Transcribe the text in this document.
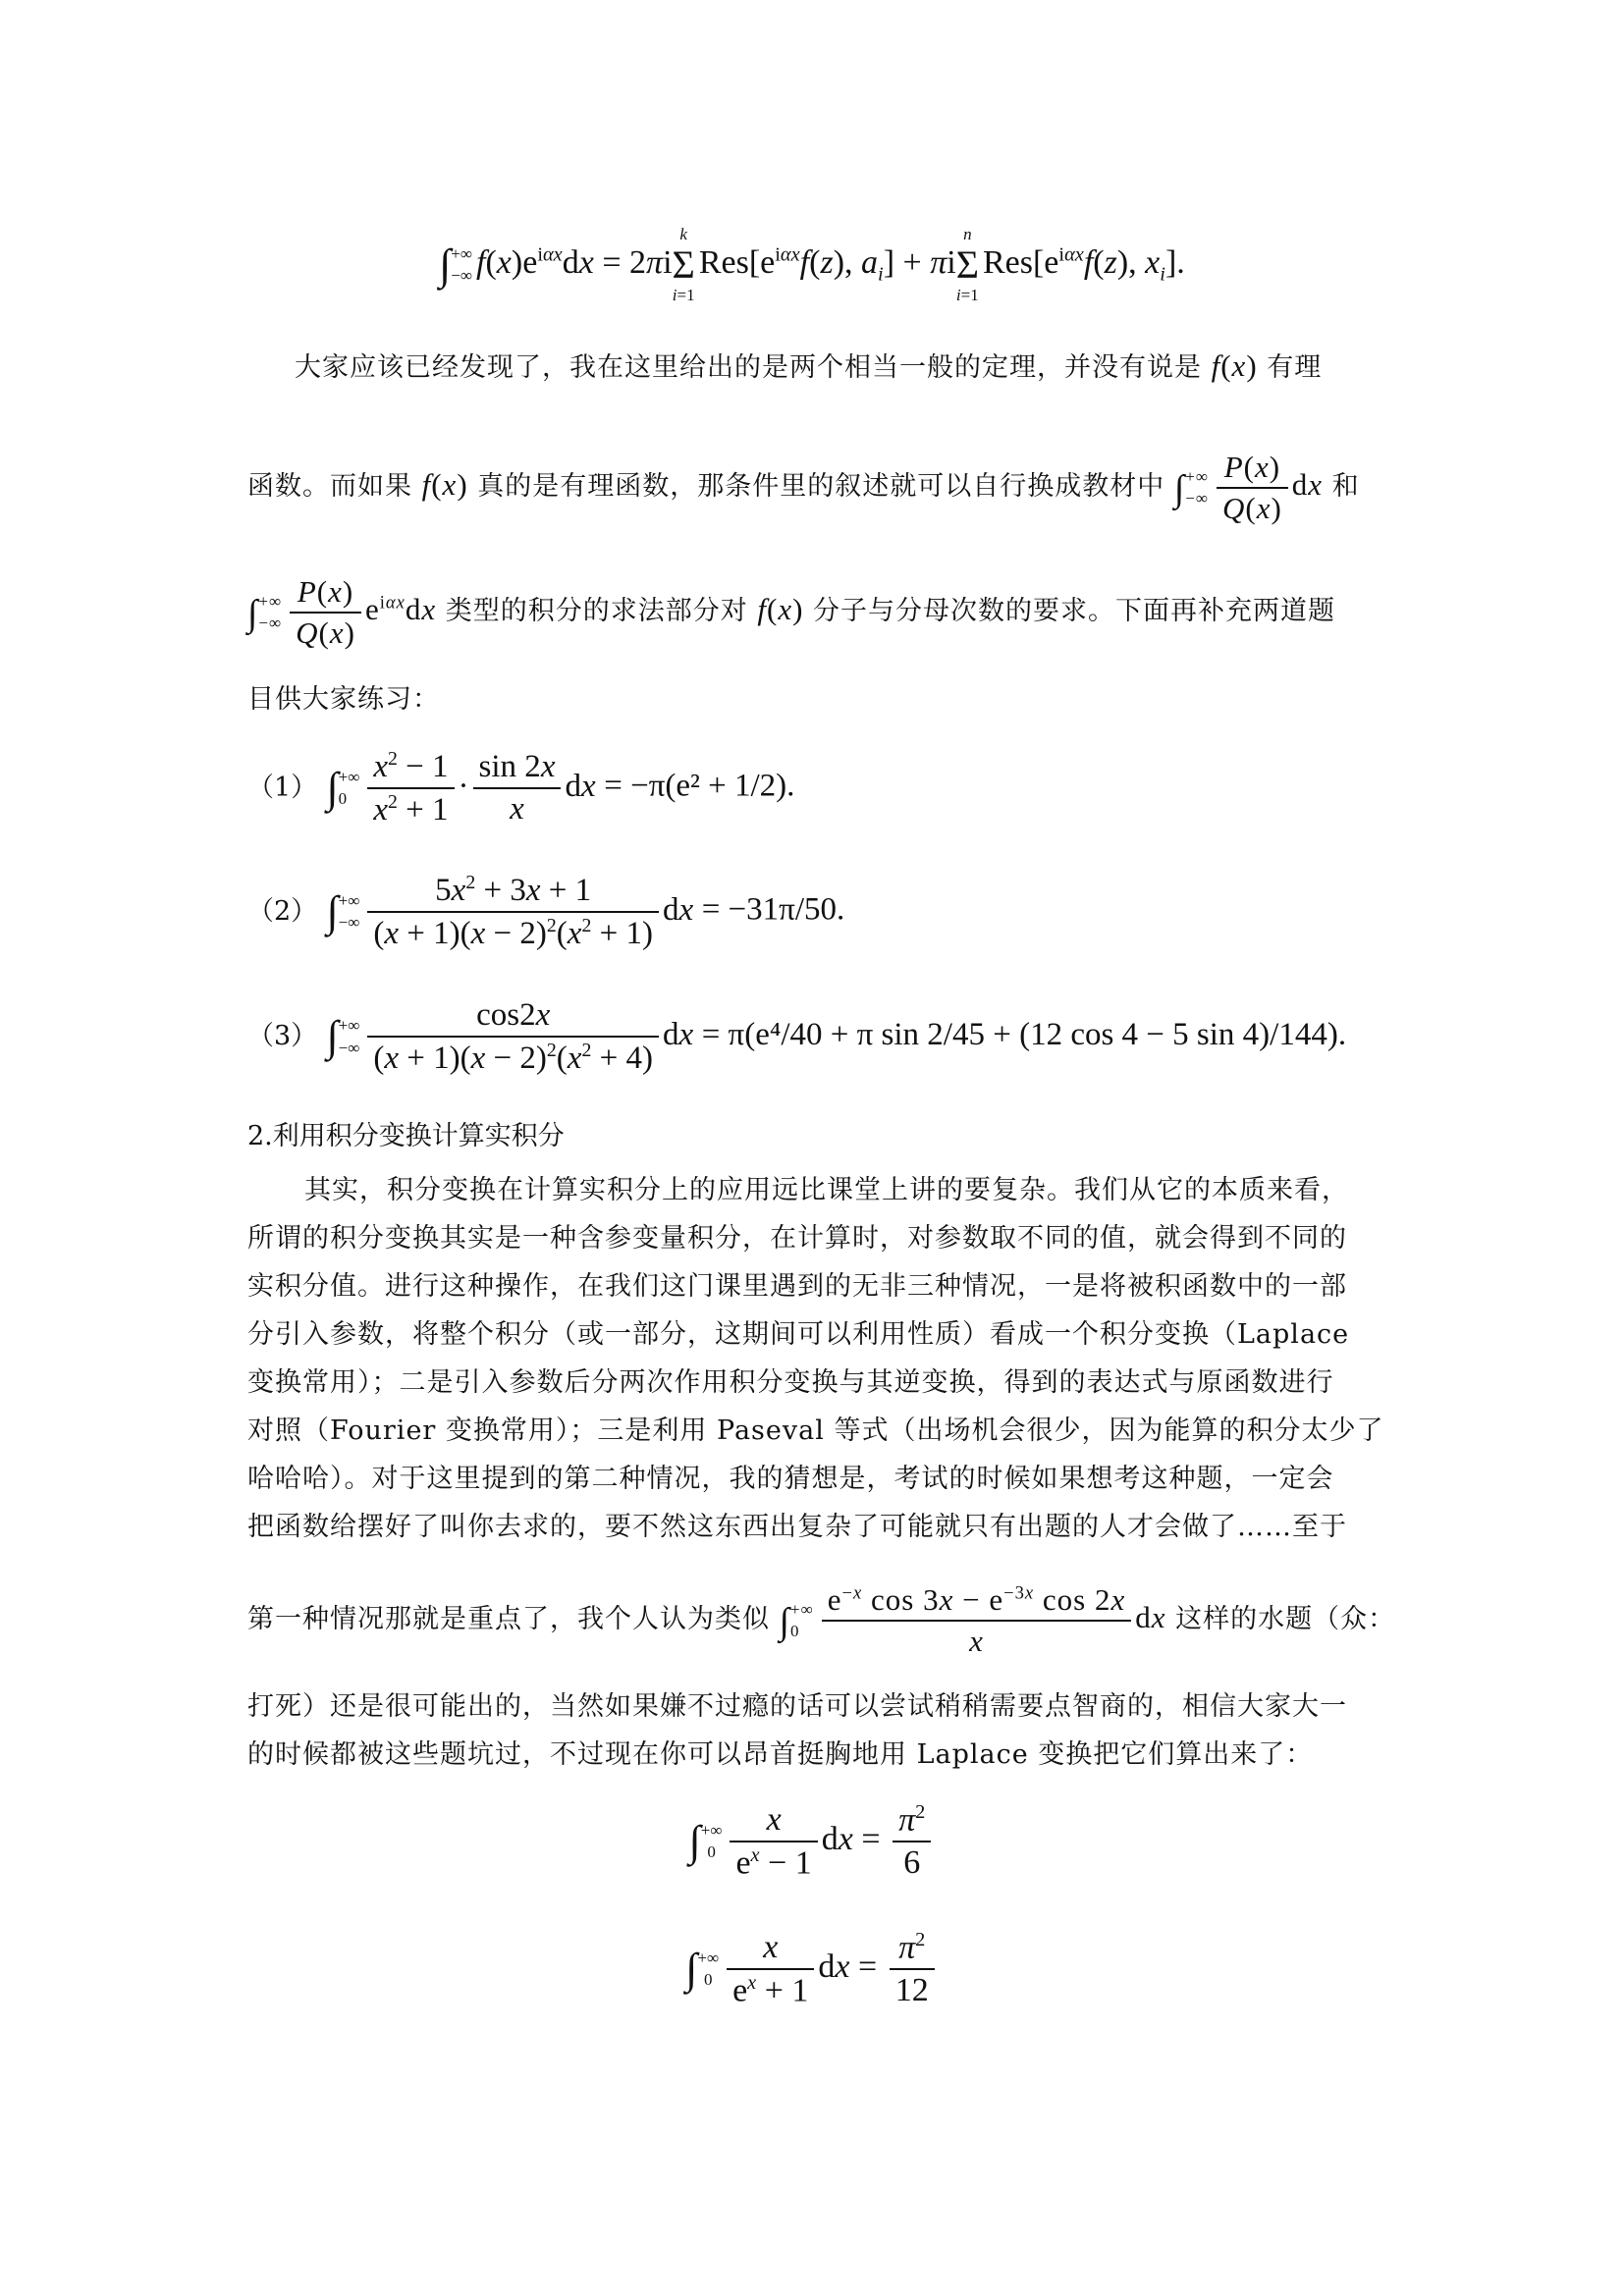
∫ +∞
−∞ $f(x)e^{i\alpha x}dx = 2\pi i$
k
Σ
i=1
$Res[e^{i\alpha x}f(z)$, $a_i] + \pi i$
n
Σ
i=1
$Res[e^{i\alpha x}f(z)$, $x_i$].
大家应该已经发现了，我在这里给出的是两个相当一般的定理，并没有说是 f(x) 有理
函数。而如果 f(x) 真的是有理函数，那条件里的叙述就可以自行换成教材中 ∫ +∞
−∞ $\frac{P(x)}{Q(x)}$ dx 和
∫ +∞
−∞ $\frac{P(x)}{Q(x)} e^{i\alpha x}dx$ 类型的积分的求法部分对 f(x) 分子与分母次数的要求。下面再补充两道题
目供大家练习：
（1） ∫ +∞
$0 \frac{x^2 - 1}{x^2 + 1} \cdot \frac{\sin 2x}{x}$ dx = −π(e² + 1/2).
（2） ∫ +∞
−∞ $\frac{5x^2 + 3x + 1}{(x + 1)(x - 2)^2(x^2 + 1)}$ dx = −31π/50.
（3） ∫ +∞
−∞ $\frac{\cos 2x}{(x + 1)(x - 2)^2(x^2 + 4)}$ dx = π(e⁴/40 + π sin 2/45 + (12 cos 4 − 5 sin 4)/144).
2.利用积分变换计算实积分
其实，积分变换在计算实积分上的应用远比课堂上讲的要复杂。我们从它的本质来看，
所谓的积分变换其实是一种含参变量积分，在计算时，对参数取不同的值，就会得到不同的
实积分值。进行这种操作，在我们这门课里遇到的无非三种情况，一是将被积函数中的一部
分引入参数，将整个积分（或一部分，这期间可以利用性质）看成一个积分变换（Laplace
变换常用）；二是引入参数后分两次作用积分变换与其逆变换，得到的表达式与原函数进行
对照（Fourier 变换常用）；三是利用 Paseval 等式（出场机会很少，因为能算的积分太少了
哈哈哈）。对于这里提到的第二种情况，我的猜想是，考试的时候如果想考这种题，一定会
把函数给摆好了叫你去求的，要不然这东西出复杂了可能就只有出题的人才会做了……至于
第一种情况那就是重点了，我个人认为类似 ∫ +∞
$0 \frac{e^{-x} \cos 3x - e^{-3x} \cos 2x}{x}$ dx 这样的水题（众：
打死）还是很可能出的，当然如果嫌不过瘾的话可以尝试稍稍需要点智商的，相信大家大一
的时候都被这些题坑过，不过现在你可以昂首挺胸地用 Laplace 变换把它们算出来了：
∫ +∞
$0 \frac{x}{e^x - 1}$ dx = $\frac{\pi^2}{6}$
∫ +∞
$0 \frac{x}{e^x + 1}$ dx = $\frac{\pi^2}{12}$
